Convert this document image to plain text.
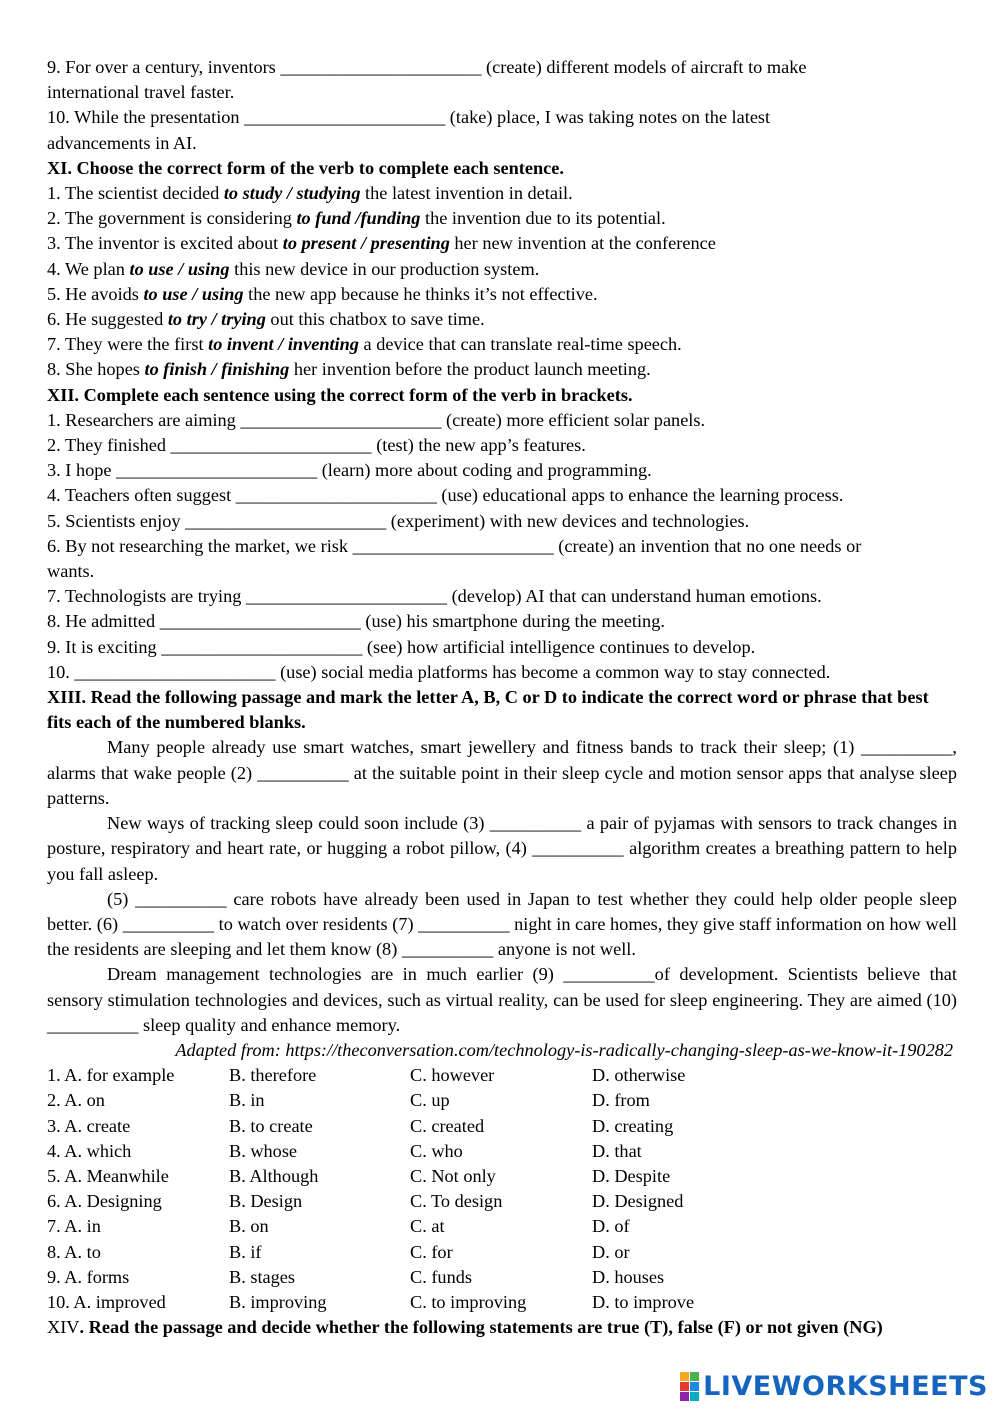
9. For over a century, inventors ______________________ (create) different models of aircraft to make
international travel faster.
10. While the presentation ______________________ (take) place, I was taking notes on the latest
advancements in AI.
XI. Choose the correct form of the verb to complete each sentence.
1. The scientist decided to study / studying the latest invention in detail.
2. The government is considering to fund /funding the invention due to its potential.
3. The inventor is excited about to present / presenting her new invention at the conference
4. We plan to use / using this new device in our production system.
5. He avoids to use / using the new app because he thinks it’s not effective.
6. He suggested to try / trying out this chatbox to save time.
7. They were the first to invent / inventing a device that can translate real-time speech.
8. She hopes to finish / finishing her invention before the product launch meeting.
XII. Complete each sentence using the correct form of the verb in brackets.
1. Researchers are aiming ______________________ (create) more efficient solar panels.
2. They finished ______________________ (test) the new app’s features.
3. I hope ______________________ (learn) more about coding and programming.
4. Teachers often suggest ______________________ (use) educational apps to enhance the learning process.
5. Scientists enjoy ______________________ (experiment) with new devices and technologies.
6. By not researching the market, we risk ______________________ (create) an invention that no one needs or
wants.
7. Technologists are trying ______________________ (develop) AI that can understand human emotions.
8. He admitted ______________________ (use) his smartphone during the meeting.
9. It is exciting ______________________ (see) how artificial intelligence continues to develop.
10. ______________________ (use) social media platforms has become a common way to stay connected.
XIII. Read the following passage and mark the letter A, B, C or D to indicate the correct word or phrase that best fits each of the numbered blanks.
Many people already use smart watches, smart jewellery and fitness bands to track their sleep; (1) __________, alarms that wake people (2) __________ at the suitable point in their sleep cycle and motion sensor apps that analyse sleep patterns.
New ways of tracking sleep could soon include (3) __________ a pair of pyjamas with sensors to track changes in posture, respiratory and heart rate, or hugging a robot pillow, (4) __________ algorithm creates a breathing pattern to help you fall asleep.
(5) __________ care robots have already been used in Japan to test whether they could help older people sleep better. (6) __________ to watch over residents (7) __________ night in care homes, they give staff information on how well the residents are sleeping and let them know (8) __________ anyone is not well.
Dream management technologies are in much earlier (9) __________of development. Scientists believe that sensory stimulation technologies and devices, such as virtual reality, can be used for sleep engineering. They are aimed (10) __________ sleep quality and enhance memory.
Adapted from: https://theconversation.com/technology-is-radically-changing-sleep-as-we-know-it-190282
1. A. for example	B. therefore	C. however	D. otherwise
2. A. on	B. in	C. up	D. from
3. A. create	B. to create	C. created	D. creating
4. A. which	B. whose	C. who	D. that
5. A. Meanwhile	B. Although	C. Not only	D. Despite
6. A. Designing	B. Design	C. To design	D. Designed
7. A. in	B. on	C. at	D. of
8. A. to	B. if	C. for	D. or
9. A. forms	B. stages	C. funds	D. houses
10. A. improved	B. improving	C. to improving	D. to improve
XIV. Read the passage and decide whether the following statements are true (T), false (F) or not given (NG)
LIVEWORKSHEETS
